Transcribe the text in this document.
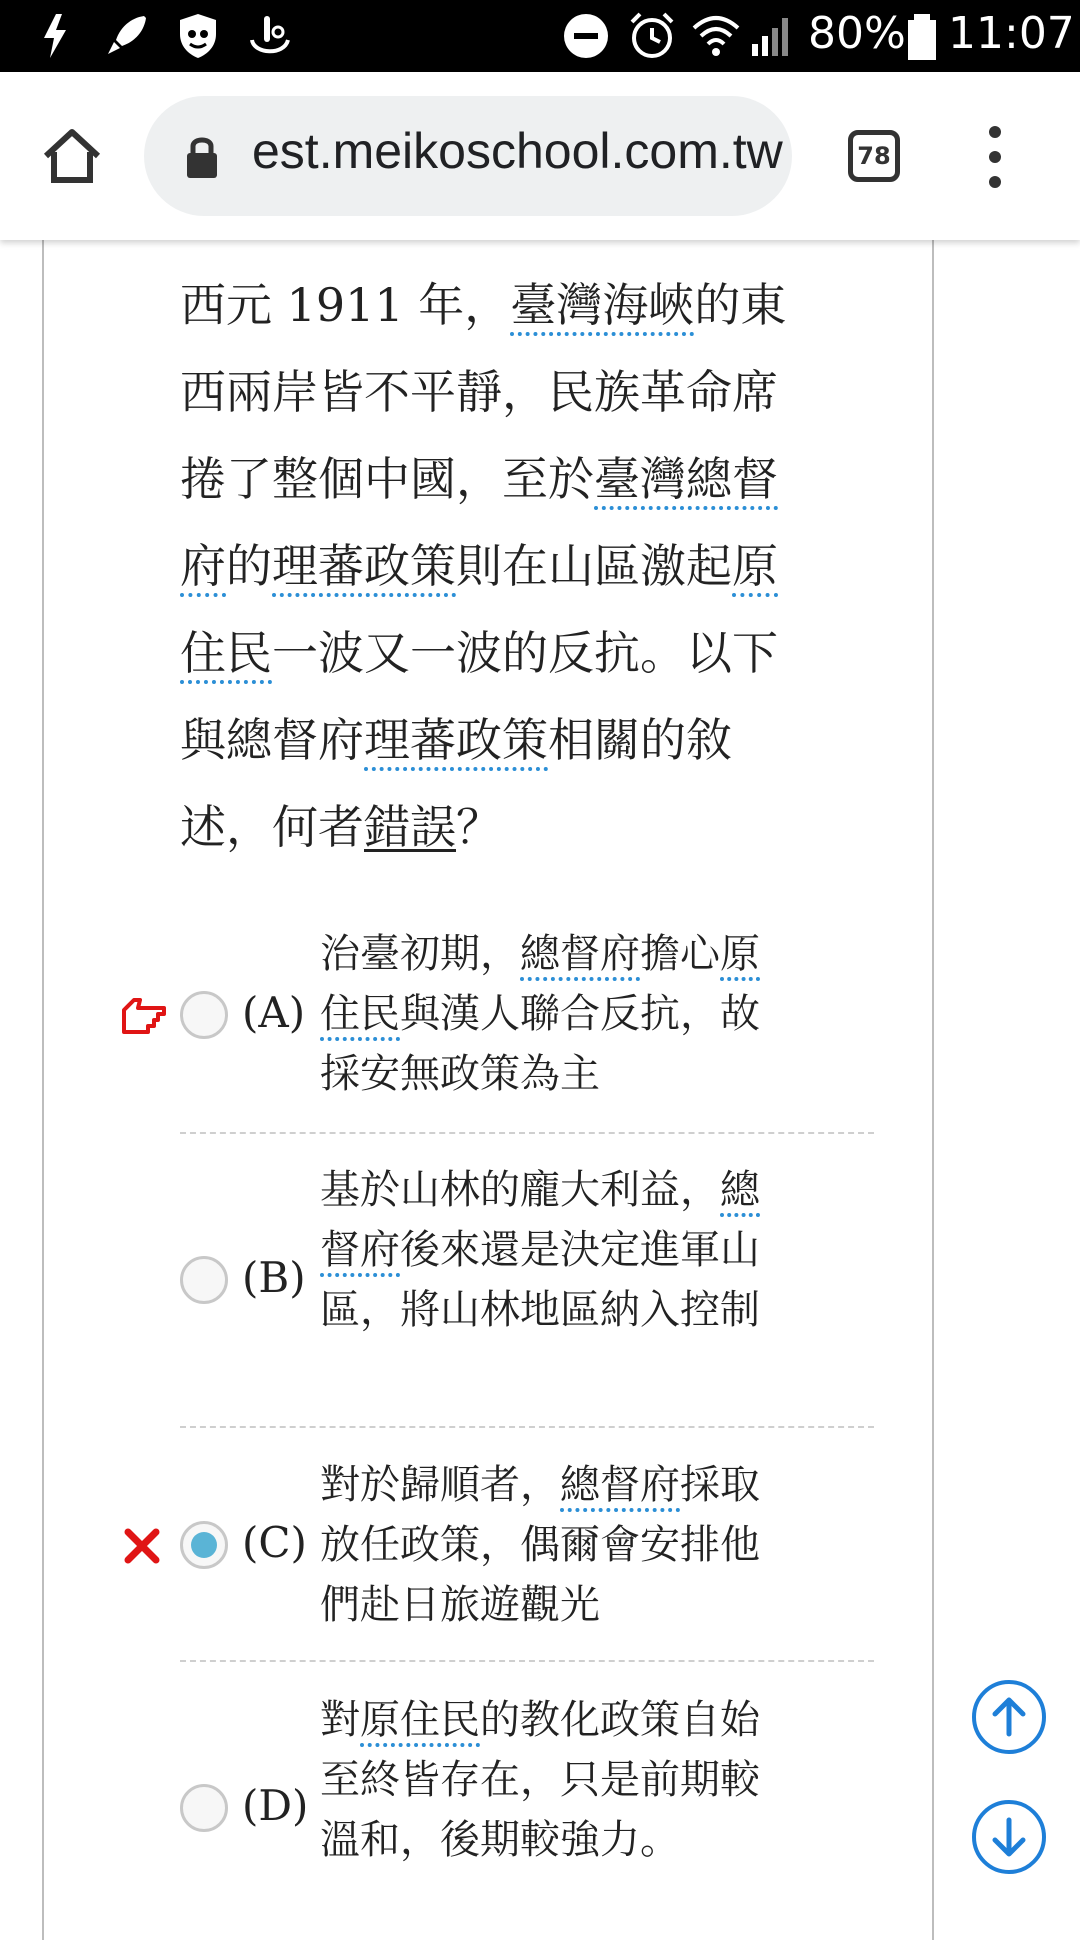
80% 11:07
est.meikoschool.com.tw	78
西元 1911 年，臺灣海峽的東西兩岸皆不平靜，民族革命席捲了整個中國，至於臺灣總督府的理蕃政策則在山區激起原住民一波又一波的反抗。以下與總督府理蕃政策相關的敘述，何者錯誤？
(A)
治臺初期，總督府擔心原住民與漢人聯合反抗，故採安無政策為主
(B)
基於山林的龐大利益，總督府後來還是決定進軍山區，將山林地區納入控制
(C)
對於歸順者，總督府採取放任政策，偶爾會安排他們赴日旅遊觀光
(D)
對原住民的教化政策自始至終皆存在，只是前期較溫和，後期較強力。
